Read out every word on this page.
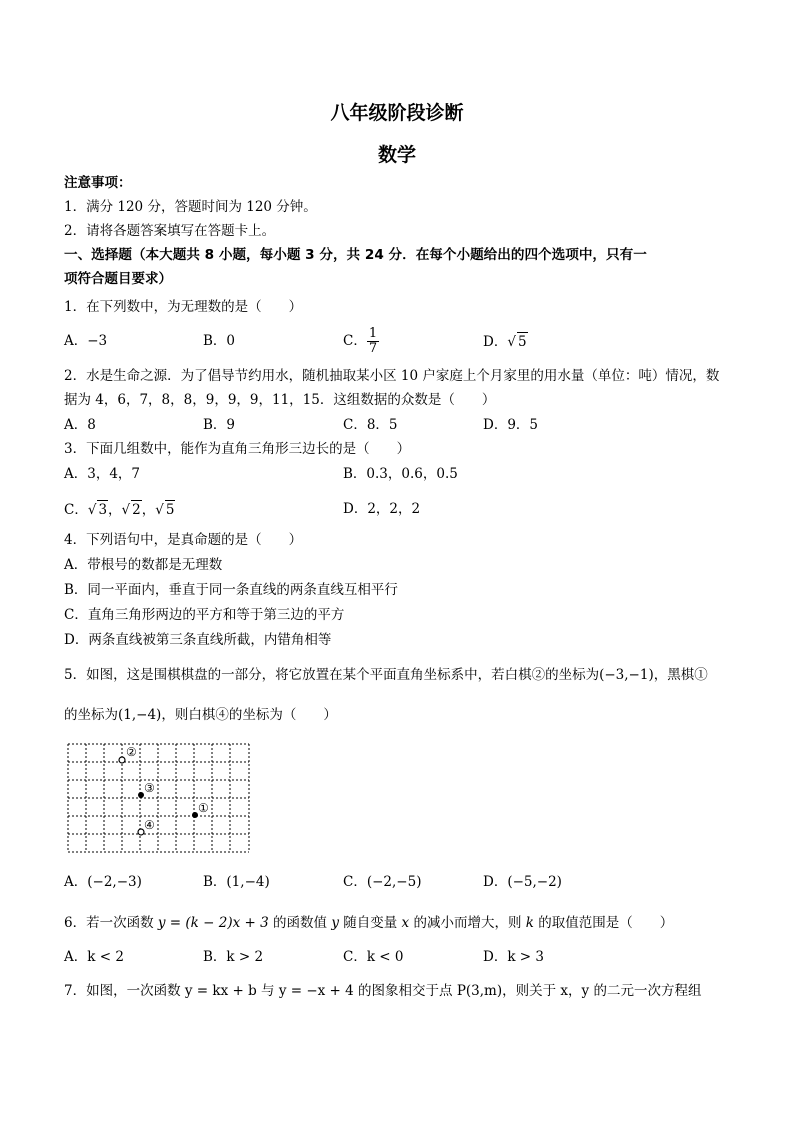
八年级阶段诊断
数学
注意事项：
1．满分 120 分，答题时间为 120 分钟。
2．请将各题答案填写在答题卡上。
一、选择题（本大题共 8 小题，每小题 3 分，共 24 分．在每个小题给出的四个选项中，只有一
项符合题目要求）
1．在下列数中，为无理数的是（　　）
A．−3	B．0	C． $\frac{1}{7}$	D．√ 5
2．水是生命之源．为了倡导节约用水，随机抽取某小区 10 户家庭上个月家里的用水量（单位：吨）情况，数
据为 4，6，7，8，8，9，9，9，11，15．这组数据的众数是（　　）
A．8	B．9	C．8．5	D．9．5
3．下面几组数中，能作为直角三角形三边长的是（　　）
A．3，4，7	B．0.3，0.6，0.5
C．√ 3，√ 2，√ 5	D．2，2，2
4．下列语句中，是真命题的是（　　）
A．带根号的数都是无理数
B．同一平面内，垂直于同一条直线的两条直线互相平行
C．直角三角形两边的平方和等于第三边的平方
D．两条直线被第三条直线所截，内错角相等
5．如图，这是围棋棋盘的一部分，将它放置在某个平面直角坐标系中，若白棋②的坐标为(−3,−1)，黑棋①
的坐标为(1,−4)，则白棋④的坐标为（　　）
②
③
①
④
A．(−2,−3)	B．(1,−4)	C．(−2,−5)	D．(−5,−2)
6．若一次函数 y = (k − 2)x + 3 的函数值 y 随自变量 x 的减小而增大，则 k 的取值范围是（　　）
A．k < 2	B．k > 2	C．k < 0	D．k > 3
7．如图，一次函数 y = kx + b 与 y = −x + 4 的图象相交于点 P(3,m)，则关于 x，y 的二元一次方程组
